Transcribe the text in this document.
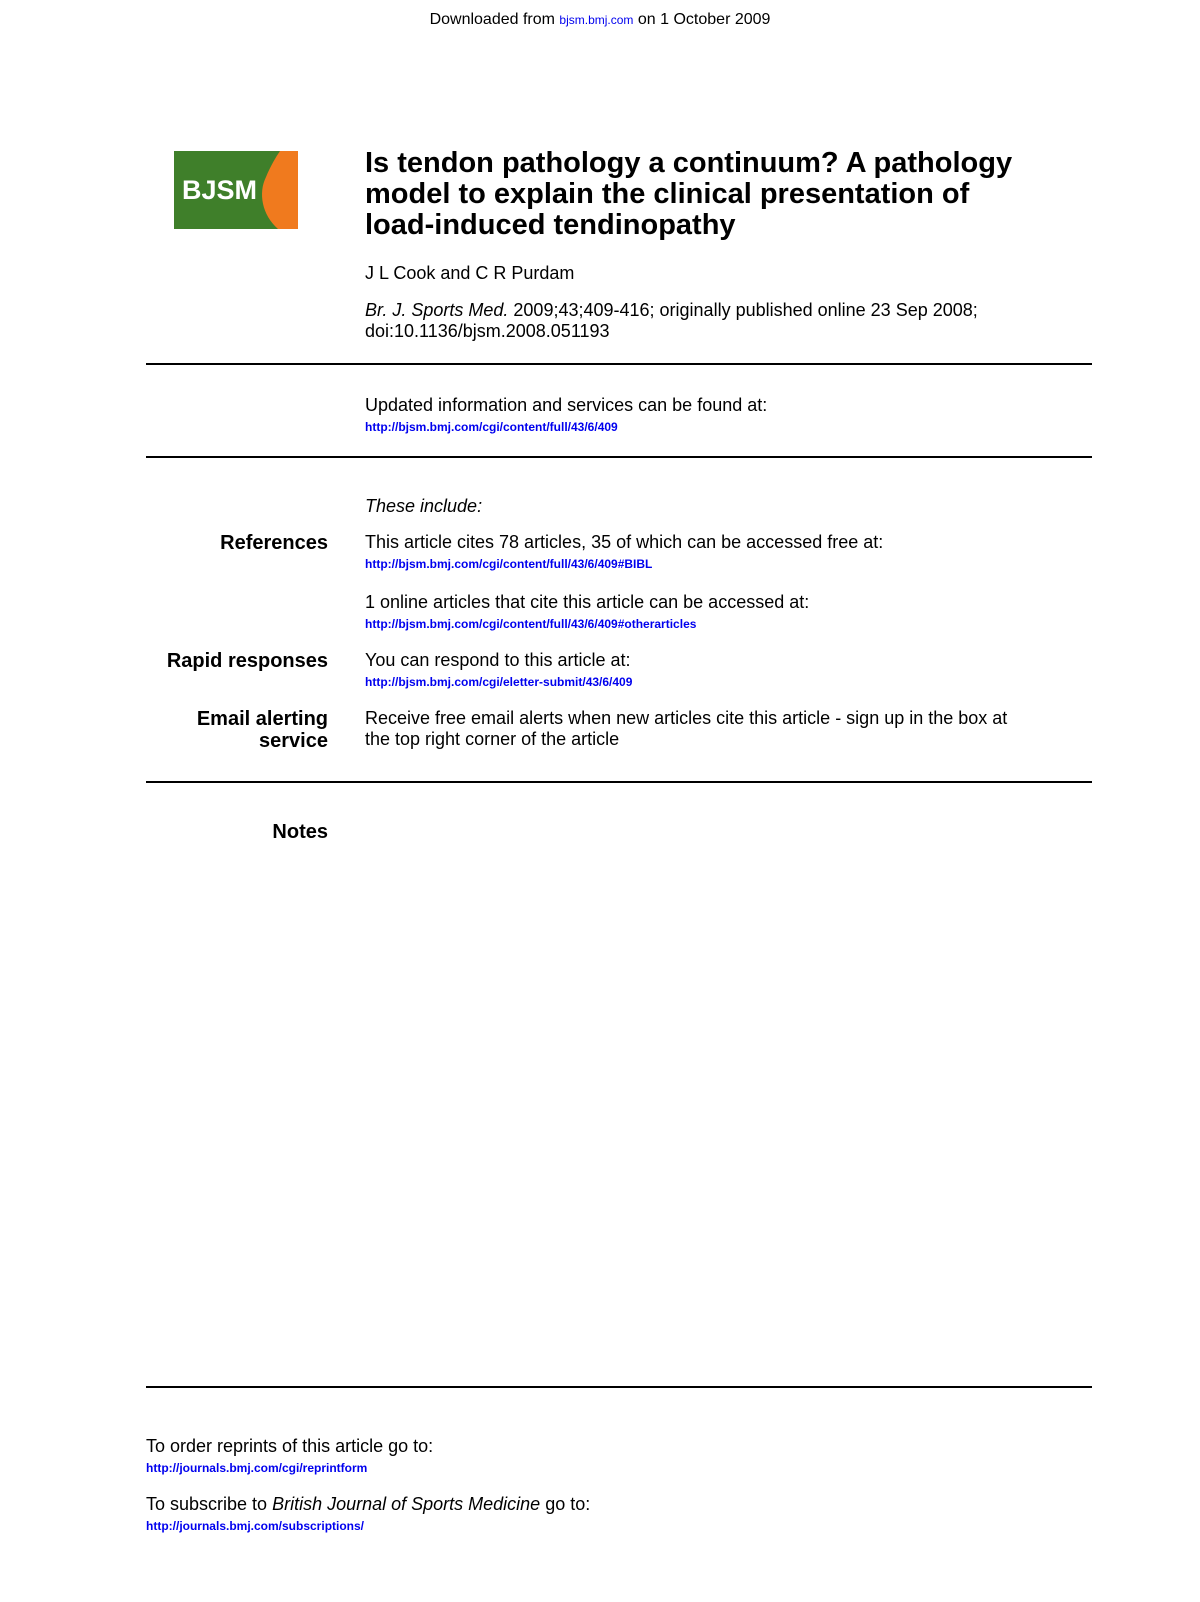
Downloaded from bjsm.bmj.com on 1 October 2009
BJSM
Is tendon pathology a continuum? A pathology
model to explain the clinical presentation of
load-induced tendinopathy
J L Cook and C R Purdam
Br. J. Sports Med. 2009;43;409-416; originally published online 23 Sep 2008;
doi:10.1136/bjsm.2008.051193
Updated information and services can be found at:
http://bjsm.bmj.com/cgi/content/full/43/6/409
These include:
References This article cites 78 articles, 35 of which can be accessed free at:
http://bjsm.bmj.com/cgi/content/full/43/6/409#BIBL
1 online articles that cite this article can be accessed at:
http://bjsm.bmj.com/cgi/content/full/43/6/409#otherarticles
Rapid responses You can respond to this article at:
http://bjsm.bmj.com/cgi/eletter-submit/43/6/409
Email alerting
service
Receive free email alerts when new articles cite this article - sign up in the box at
the top right corner of the article
Notes
To order reprints of this article go to:
http://journals.bmj.com/cgi/reprintform
To subscribe to British Journal of Sports Medicine go to:
http://journals.bmj.com/subscriptions/
